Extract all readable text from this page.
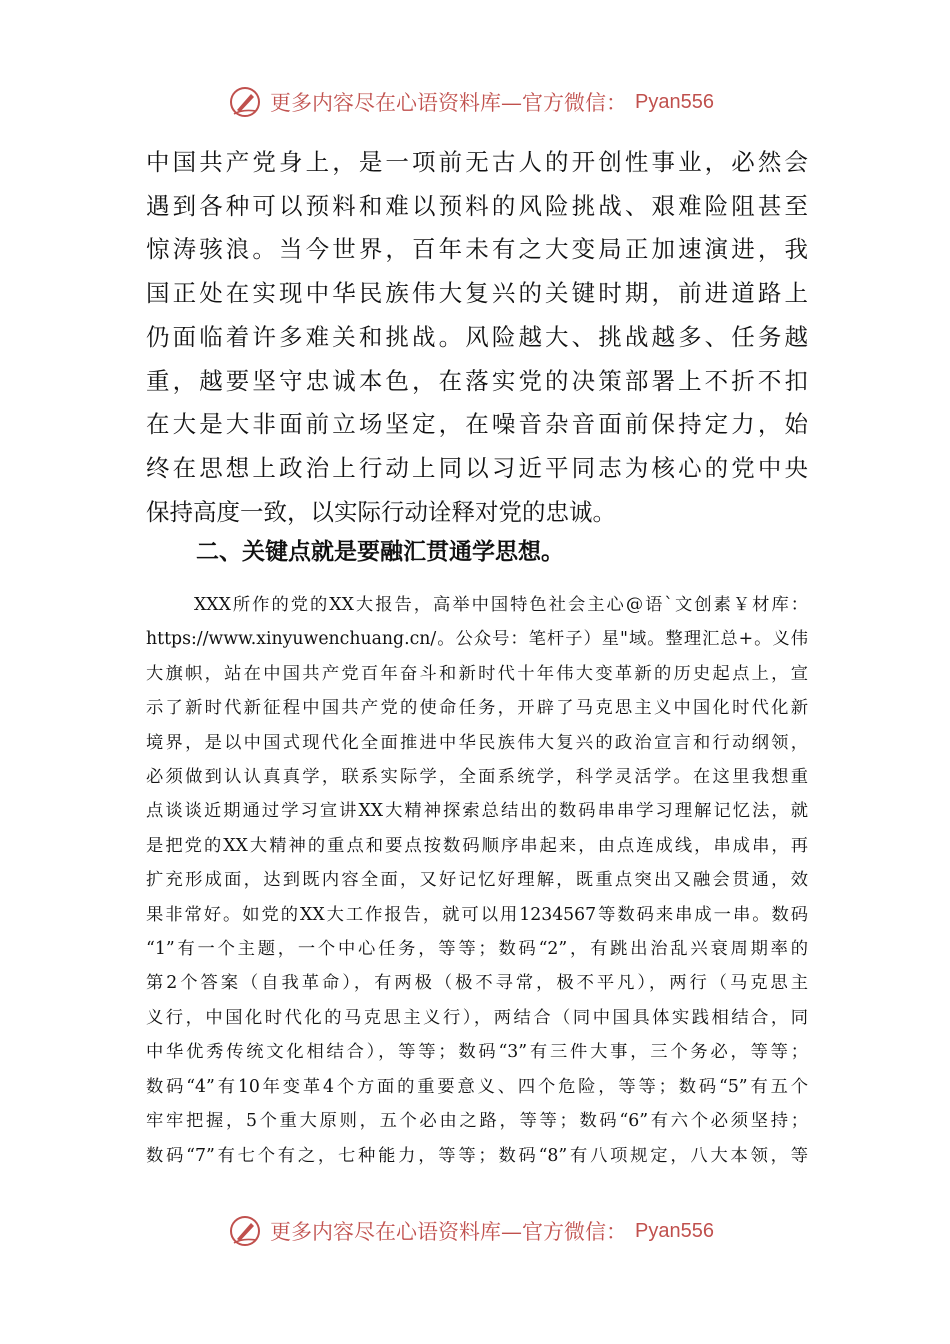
更多内容尽在心语资料库—官方微信： Pyan556
中国共产党身上，是一项前无古人的开创性事业，必然会
遇到各种可以预料和难以预料的风险挑战、艰难险阻甚至
惊涛骇浪。当今世界，百年未有之大变局正加速演进，我
国正处在实现中华民族伟大复兴的关键时期，前进道路上
仍面临着许多难关和挑战。风险越大、挑战越多、任务越
重，越要坚守忠诚本色，在落实党的决策部署上不折不扣
在大是大非面前立场坚定，在噪音杂音面前保持定力，始
终在思想上政治上行动上同以习近平同志为核心的党中央
保持高度一致，以实际行动诠释对党的忠诚。
二、关键点就是要融汇贯通学思想。
XXX所作的党的XX大报告，高举中国特色社会主心@语`文创素￥材库：
https://www.xinyuwenchuang.cn/。公众号：笔杆子）星"域。整理汇总+。义伟
大旗帜，站在中国共产党百年奋斗和新时代十年伟大变革新的历史起点上，宣
示了新时代新征程中国共产党的使命任务，开辟了马克思主义中国化时代化新
境界，是以中国式现代化全面推进中华民族伟大复兴的政治宣言和行动纲领，
必须做到认认真真学，联系实际学，全面系统学，科学灵活学。在这里我想重
点谈谈近期通过学习宣讲XX大精神探索总结出的数码串串学习理解记忆法，就
是把党的XX大精神的重点和要点按数码顺序串起来，由点连成线，串成串，再
扩充形成面，达到既内容全面，又好记忆好理解，既重点突出又融会贯通，效
果非常好。如党的XX大工作报告，就可以用1234567等数码来串成一串。数码
“1”有一个主题，一个中心任务，等等；数码“2”，有跳出治乱兴衰周期率的
第2个答案（自我革命），有两极（极不寻常，极不平凡），两行（马克思主
义行，中国化时代化的马克思主义行），两结合（同中国具体实践相结合，同
中华优秀传统文化相结合），等等；数码“3”有三件大事，三个务必，等等；
数码“4”有10年变革4个方面的重要意义、四个危险，等等；数码“5”有五个
牢牢把握，5个重大原则，五个必由之路，等等；数码“6”有六个必须坚持；
数码“7”有七个有之，七种能力，等等；数码“8”有八项规定，八大本领，等
更多内容尽在心语资料库—官方微信： Pyan556
